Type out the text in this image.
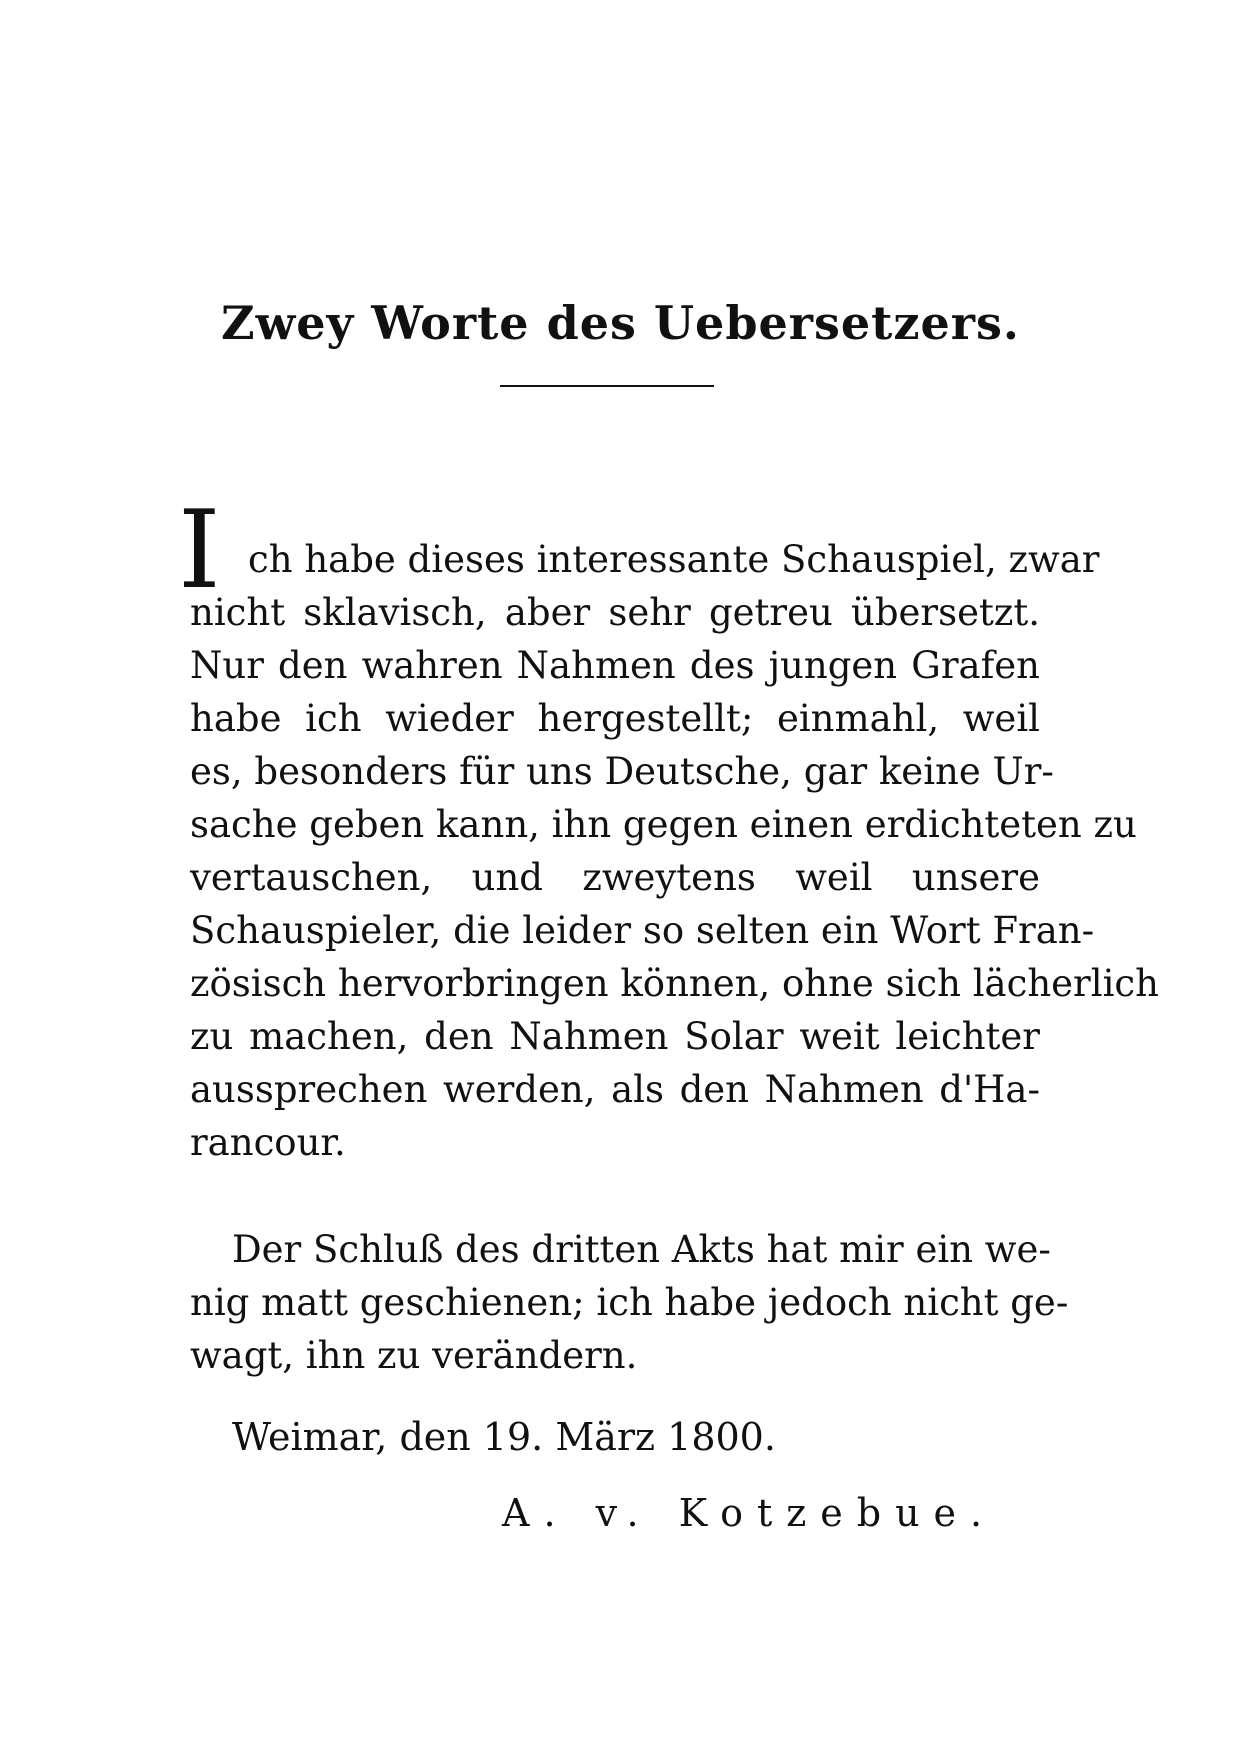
Zwey Worte des Uebersetzers.
I ch habe dieses interessante Schauspiel, zwar
nicht sklavisch, aber sehr getreu übersetzt.
Nur den wahren Nahmen des jungen Grafen
habe ich wieder hergestellt; einmahl, weil
es, besonders für uns Deutsche, gar keine Ur-
sache geben kann, ihn gegen einen erdichteten zu
vertauschen, und zweytens weil unsere
Schauspieler, die leider so selten ein Wort Fran-
zösisch hervorbringen können, ohne sich lächerlich
zu machen, den Nahmen Solar weit leichter
aussprechen werden, als den Nahmen d'Ha-
rancour.
Der Schluß des dritten Akts hat mir ein we-
nig matt geschienen; ich habe jedoch nicht ge-
wagt, ihn zu verändern.
Weimar, den 19. März 1800.
A. v. Kotzebue.
